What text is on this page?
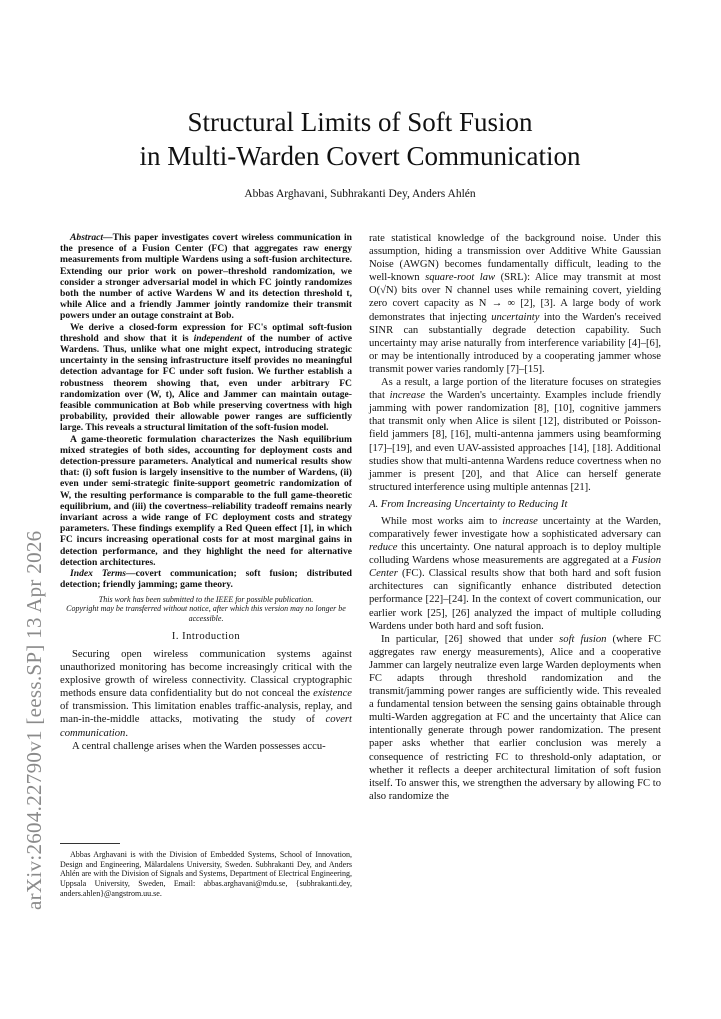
arXiv:2604.22790v1 [eess.SP] 13 Apr 2026
Structural Limits of Soft Fusion
in Multi-Warden Covert Communication
Abbas Arghavani, Subhrakanti Dey, Anders Ahlén

Abstract—This paper investigates covert wireless communication in the presence of a Fusion Center (FC) that aggregates raw energy measurements from multiple Wardens using a soft-fusion architecture. Extending our prior work on power–threshold randomization, we consider a stronger adversarial model in which FC jointly randomizes both the number of active Wardens W and its detection threshold t, while Alice and a friendly Jammer jointly randomize their transmit powers under an outage constraint at Bob.

We derive a closed-form expression for FC's optimal soft-fusion threshold and show that it is independent of the number of active Wardens. Thus, unlike what one might expect, introducing strategic uncertainty in the sensing infrastructure itself provides no meaningful detection advantage for FC under soft fusion. We further establish a robustness theorem showing that, even under arbitrary FC randomization over (W, t), Alice and Jammer can maintain outage-feasible communication at Bob while preserving covertness with high probability, provided their allowable power ranges are sufficiently large. This reveals a structural limitation of the soft-fusion model.

A game-theoretic formulation characterizes the Nash equilibrium mixed strategies of both sides, accounting for deployment costs and detection-pressure parameters. Analytical and numerical results show that: (i) soft fusion is largely insensitive to the number of Wardens, (ii) even under semi-strategic finite-support geometric randomization of W, the resulting performance is comparable to the full game-theoretic equilibrium, and (iii) the covertness–reliability tradeoff remains nearly invariant across a wide range of FC deployment costs and strategy parameters. These findings exemplify a Red Queen effect [1], in which FC incurs increasing operational costs for at most marginal gains in detection performance, and they highlight the need for alternative detection architectures.

Index Terms—covert communication; soft fusion; distributed detection; friendly jamming; game theory.

This work has been submitted to the IEEE for possible publication.
Copyright may be transferred without notice, after which this version may no longer be accessible.
I. Introduction

Securing open wireless communication systems against unauthorized monitoring has become increasingly critical with the explosive growth of wireless connectivity. Classical cryptographic methods ensure data confidentiality but do not conceal the existence of transmission. This limitation enables traffic-analysis, replay, and man-in-the-middle attacks, motivating the study of covert communication.

A central challenge arises when the Warden possesses accu-

Abbas Arghavani is with the Division of Embedded Systems, School of Innovation, Design and Engineering, Mälardalens University, Sweden. Subhrakanti Dey, and Anders Ahlén are with the Division of Signals and Systems, Department of Electrical Engineering, Uppsala University, Sweden, Email: abbas.arghavani@mdu.se, {subhrakanti.dey, anders.ahlen}@angstrom.uu.se.

rate statistical knowledge of the background noise. Under this assumption, hiding a transmission over Additive White Gaussian Noise (AWGN) becomes fundamentally difficult, leading to the well-known square-root law (SRL): Alice may transmit at most O(√N) bits over N channel uses while remaining covert, yielding zero covert capacity as N → ∞ [2], [3]. A large body of work demonstrates that injecting uncertainty into the Warden's received SINR can substantially degrade detection capability. Such uncertainty may arise naturally from interference variability [4]–[6], or may be intentionally introduced by a cooperating jammer whose transmit power varies randomly [7]–[15].

As a result, a large portion of the literature focuses on strategies that increase the Warden's uncertainty. Examples include friendly jamming with power randomization [8], [10], cognitive jammers that transmit only when Alice is silent [12], distributed or Poisson-field jammers [8], [16], multi-antenna jammers using beamforming [17]–[19], and even UAV-assisted approaches [14], [18]. Additional studies show that multi-antenna Wardens reduce covertness when no jammer is present [20], and that Alice can herself generate structured interference using multiple antennas [21].

A. From Increasing Uncertainty to Reducing It

While most works aim to increase uncertainty at the Warden, comparatively fewer investigate how a sophisticated adversary can reduce this uncertainty. One natural approach is to deploy multiple colluding Wardens whose measurements are aggregated at a Fusion Center (FC). Classical results show that both hard and soft fusion architectures can significantly enhance distributed detection performance [22]–[24]. In the context of covert communication, our earlier work [25], [26] analyzed the impact of multiple colluding Wardens under both hard and soft fusion.

In particular, [26] showed that under soft fusion (where FC aggregates raw energy measurements), Alice and a cooperative Jammer can largely neutralize even large Warden deployments when FC adapts through threshold randomization and the transmit/jamming power ranges are sufficiently wide. This revealed a fundamental tension between the sensing gains obtainable through multi-Warden aggregation at FC and the uncertainty that Alice can intentionally generate through power randomization. The present paper asks whether that earlier conclusion was merely a consequence of restricting FC to threshold-only adaptation, or whether it reflects a deeper architectural limitation of soft fusion itself. To answer this, we strengthen the adversary by allowing FC to also randomize the
